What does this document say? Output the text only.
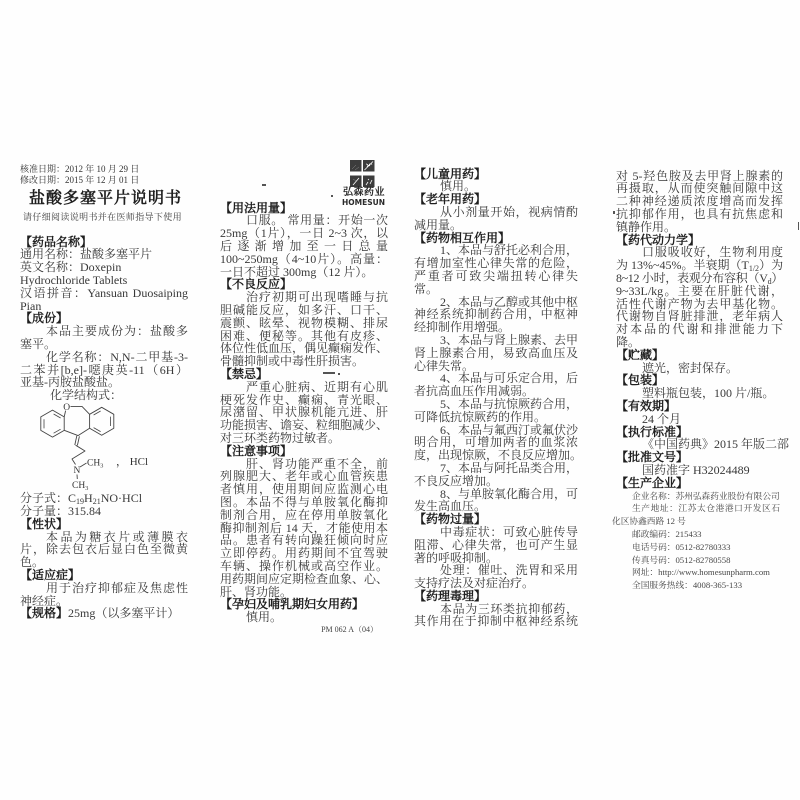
核准日期：2012 年 10 月 29 日
修改日期：2015 年 12 月 01 日
盐酸多塞平片说明书
请仔细阅读说明书并在医师指导下使用
弘森药业
HOMESUN
【药品名称】
通用名称：盐酸多塞平片
英文名称：Doxepin
Hydrochloride Tablets
汉语拼音：Yansuan Duosaiping
Pian
【成份】
本品主要成份为：盐酸多
塞平。
化学名称：N,N-二甲基-3-
二苯并[b,e]-噁庚英-11（6H）
亚基-丙胺盐酸盐。
化学结构式：
O
N
$CH_3$
$CH_3$
， HCl
分子式：$C_{19}H_{21}NO\cdot HCl$
分子量：315.84
【性状】
本品为糖衣片或薄膜衣
片，除去包衣后显白色至微黄
色。
【适应症】
用于治疗抑郁症及焦虑性
神经症。
【规格】25mg（以多塞平计）
【用法用量】
口服。 常用量：开始一次
25mg（1片），一日 2~3 次，以
后逐渐增加至一日总量
100~250mg（4~10片）。高量：
一日不超过 300mg（12 片）。
【不良反应】
治疗初期可出现嗜睡与抗
胆碱能反应，如多汗、口干、
震颤、眩晕、视物模糊、排尿
困难、便秘等。其他有皮疹、
体位性低血压，偶见癫痫发作、
骨髓抑制或中毒性肝损害。
【禁忌】
严重心脏病、近期有心肌
梗死发作史、癫痫、青光眼、
尿潴留、甲状腺机能亢进、肝
功能损害、谵妄、粒细胞减少、
对三环类药物过敏者。
【注意事项】
肝、肾功能严重不全，前
列腺肥大、老年或心血管疾患
者慎用，使用期间应监测心电
图。本品不得与单胺氧化酶抑
制剂合用，应在停用单胺氧化
酶抑制剂后 14 天，才能使用本
品。患者有转向躁狂倾向时应
立即停药。用药期间不宜驾驶
车辆、操作机械或高空作业。
用药期间应定期检查血象、心、
肝、肾功能。
【孕妇及哺乳期妇女用药】
慎用。
PM 062 A（04）
【儿童用药】
慎用。
【老年用药】
从小剂量开始，视病情酌
减用量。
【药物相互作用】
1、本品与舒托必利合用，
有增加室性心律失常的危险，
严重者可致尖端扭转心律失
常。
2、本品与乙醇或其他中枢
神经系统抑制药合用，中枢神
经抑制作用增强。
3、本品与肾上腺素、去甲
肾上腺素合用，易致高血压及
心律失常。
4、本品与可乐定合用，后
者抗高血压作用减弱。
5、本品与抗惊厥药合用，
可降低抗惊厥药的作用。
6、本品与氟西汀或氟伏沙
明合用，可增加两者的血浆浓
度，出现惊厥，不良反应增加。
7、本品与阿托品类合用，
不良反应增加。
8、与单胺氧化酶合用，可
发生高血压。
【药物过量】
中毒症状：可致心脏传导
阻滞、心律失常，也可产生显
著的呼吸抑制。
处理：催吐、洗胃和采用
支持疗法及对症治疗。
【药理毒理】
本品为三环类抗抑郁药，
其作用在于抑制中枢神经系统
对 5-羟色胺及去甲肾上腺素的
再摄取，从而使突触间隙中这
二种神经递质浓度增高而发挥
抗抑郁作用，也具有抗焦虑和
镇静作用。
【药代动力学】
口服吸收好，生物利用度
为 13%~45%。半衰期$(T_{1/2})$为
8~12 小时，表观分布容积$(V_d)$
9~33L/kg。主要在肝脏代谢，
活性代谢产物为去甲基化物。
代谢物自肾脏排泄，老年病人
对本品的代谢和排泄能力下
降。
【贮藏】
遮光，密封保存。
【包装】
塑料瓶包装，100 片/瓶。
【有效期】
24 个月
【执行标准】
《中国药典》2015 年版二部
【批准文号】
国药准字 H32024489
【生产企业】
企业名称：苏州弘森药业股份有限公司
生产地址：江苏太仓港港口开发区石
化区协鑫西路 12 号
邮政编码：215433
电话号码：0512-82780333
传真号码：0512-82780558
网址：http://www.homesunpharm.com
全国服务热线：4008-365-133
